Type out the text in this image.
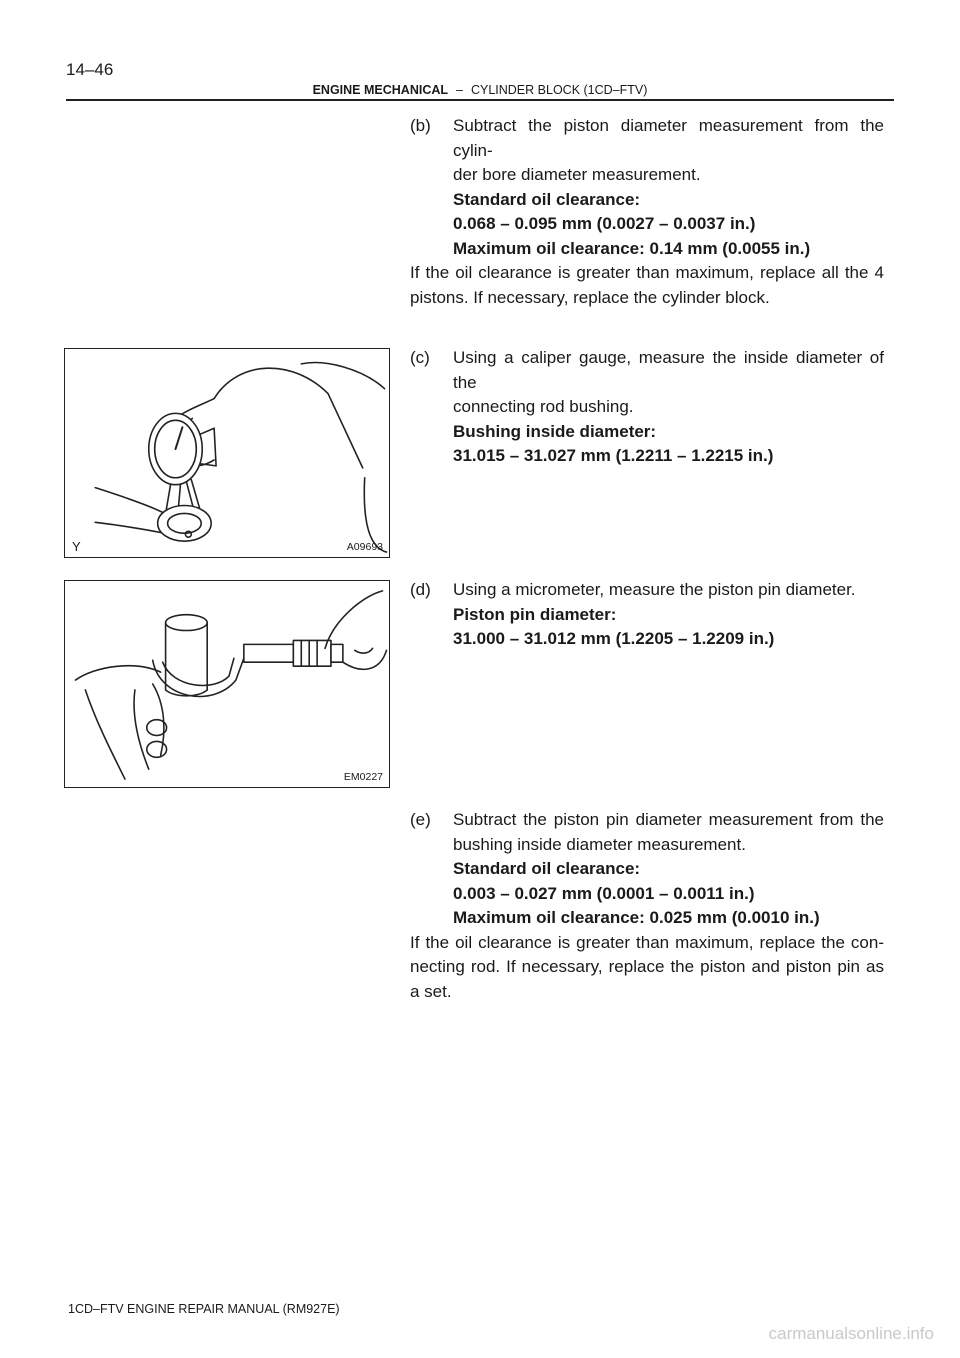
14–46
ENGINE MECHANICAL – CYLINDER BLOCK (1CD–FTV)
(b) Subtract the piston diameter measurement from the cylin-
der bore diameter measurement.
Standard oil clearance:
0.068 – 0.095 mm (0.0027 – 0.0037 in.)
Maximum oil clearance: 0.14 mm (0.0055 in.)
If the oil clearance is greater than maximum, replace all the 4
pistons. If necessary, replace the cylinder block.
Y	A09693
(c) Using a caliper gauge, measure the inside diameter of the
connecting rod bushing.
Bushing inside diameter:
31.015 – 31.027 mm (1.2211 – 1.2215 in.)
EM0227
(d) Using a micrometer, measure the piston pin diameter.
Piston pin diameter:
31.000 – 31.012 mm (1.2205 – 1.2209 in.)
(e) Subtract the piston pin diameter measurement from the
bushing inside diameter measurement.
Standard oil clearance:
0.003 – 0.027 mm (0.0001 – 0.0011 in.)
Maximum oil clearance: 0.025 mm (0.0010 in.)
If the oil clearance is greater than maximum, replace the con-
necting rod. If necessary, replace the piston and piston pin as
a set.
1CD–FTV ENGINE REPAIR MANUAL (RM927E)
carmanualsonline.info
